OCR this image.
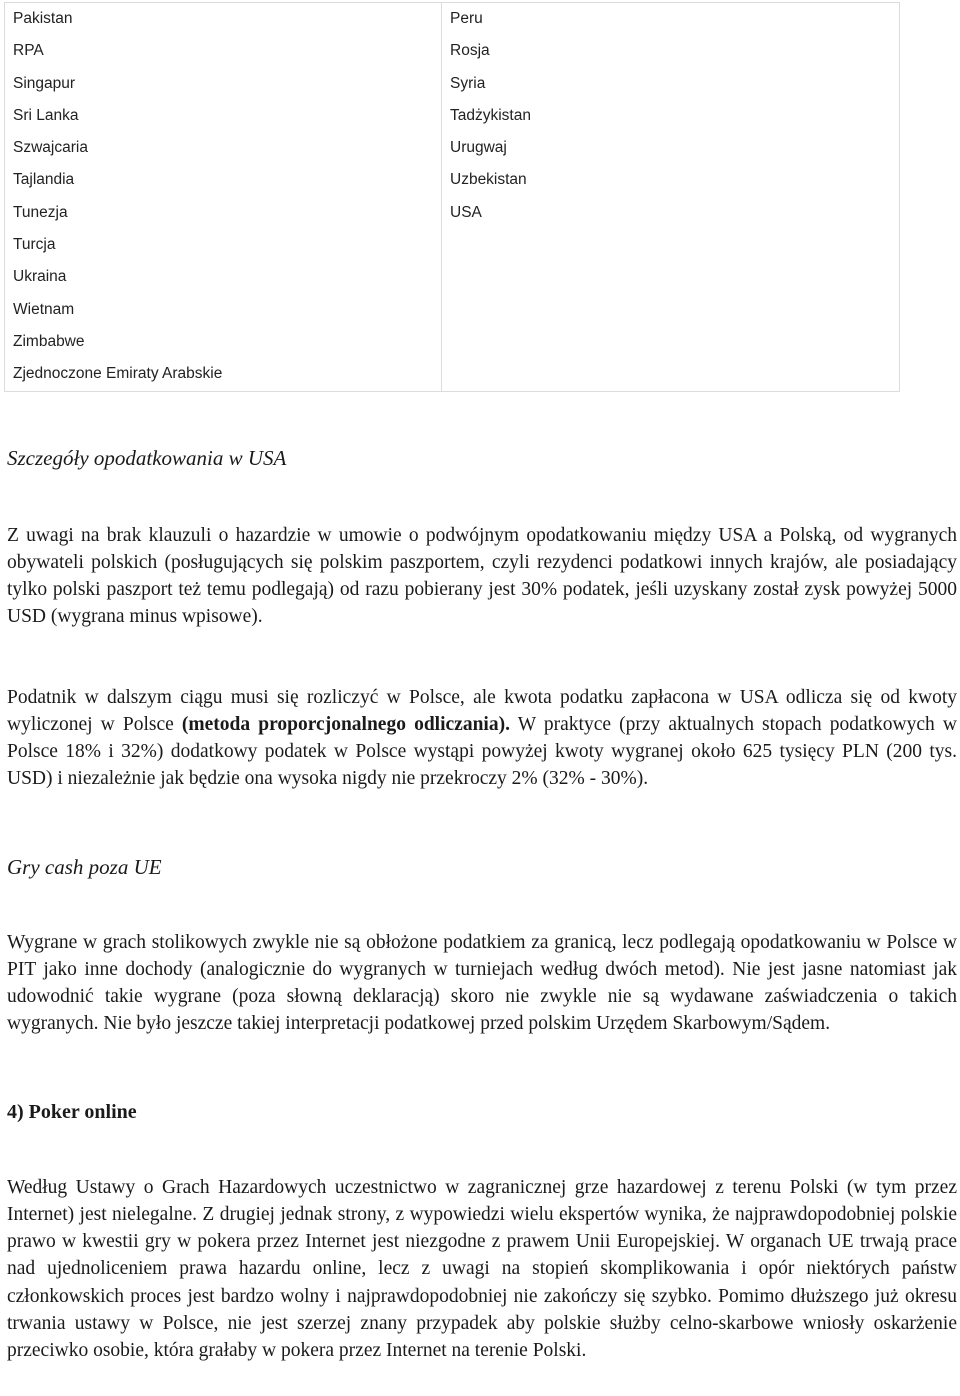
Pakistan
RPA
Singapur
Sri Lanka
Szwajcaria
Tajlandia
Tunezja
Turcja
Ukraina
Wietnam
Zimbabwe
Zjednoczone Emiraty Arabskie

Peru
Rosja
Syria
Tadżykistan
Urugwaj
Uzbekistan
USA
Szczegóły opodatkowania w USA

Z uwagi na brak klauzuli o hazardzie w umowie o podwójnym opodatkowaniu między USA a Polską, od wygranych obywateli polskich (posługujących się polskim paszportem, czyli rezydenci podatkowi innych krajów, ale posiadający tylko polski paszport też temu podlegają) od razu pobierany jest 30% podatek, jeśli uzyskany został zysk powyżej 5000 USD (wygrana minus wpisowe).

Podatnik w dalszym ciągu musi się rozliczyć w Polsce, ale kwota podatku zapłacona w USA odlicza się od kwoty wyliczonej w Polsce (metoda proporcjonalnego odliczania). W praktyce (przy aktualnych stopach podatkowych w Polsce 18% i 32%) dodatkowy podatek w Polsce wystąpi powyżej kwoty wygranej około 625 tysięcy PLN (200 tys. USD) i niezależnie jak będzie ona wysoka nigdy nie przekroczy 2% (32% - 30%).

Gry cash poza UE

Wygrane w grach stolikowych zwykle nie są obłożone podatkiem za granicą, lecz podlegają opodatkowaniu w Polsce w PIT jako inne dochody (analogicznie do wygranych w turniejach według dwóch metod). Nie jest jasne natomiast jak udowodnić takie wygrane (poza słowną deklaracją) skoro nie zwykle nie są wydawane zaświadczenia o takich wygranych. Nie było jeszcze takiej interpretacji podatkowej przed polskim Urzędem Skarbowym/Sądem.

4) Poker online

Według Ustawy o Grach Hazardowych uczestnictwo w zagranicznej grze hazardowej z terenu Polski (w tym przez Internet) jest nielegalne. Z drugiej jednak strony, z wypowiedzi wielu ekspertów wynika, że najprawdopodobniej polskie prawo w kwestii gry w pokera przez Internet jest niezgodne z prawem Unii Europejskiej. W organach UE trwają prace nad ujednoliceniem prawa hazardu online, lecz z uwagi na stopień skomplikowania i opór niektórych państw członkowskich proces jest bardzo wolny i najprawdopodobniej nie zakończy się szybko. Pomimo dłuższego już okresu trwania ustawy w Polsce, nie jest szerzej znany przypadek aby polskie służby celno-skarbowe wniosły oskarżenie przeciwko osobie, która grałaby w pokera przez Internet na terenie Polski.
